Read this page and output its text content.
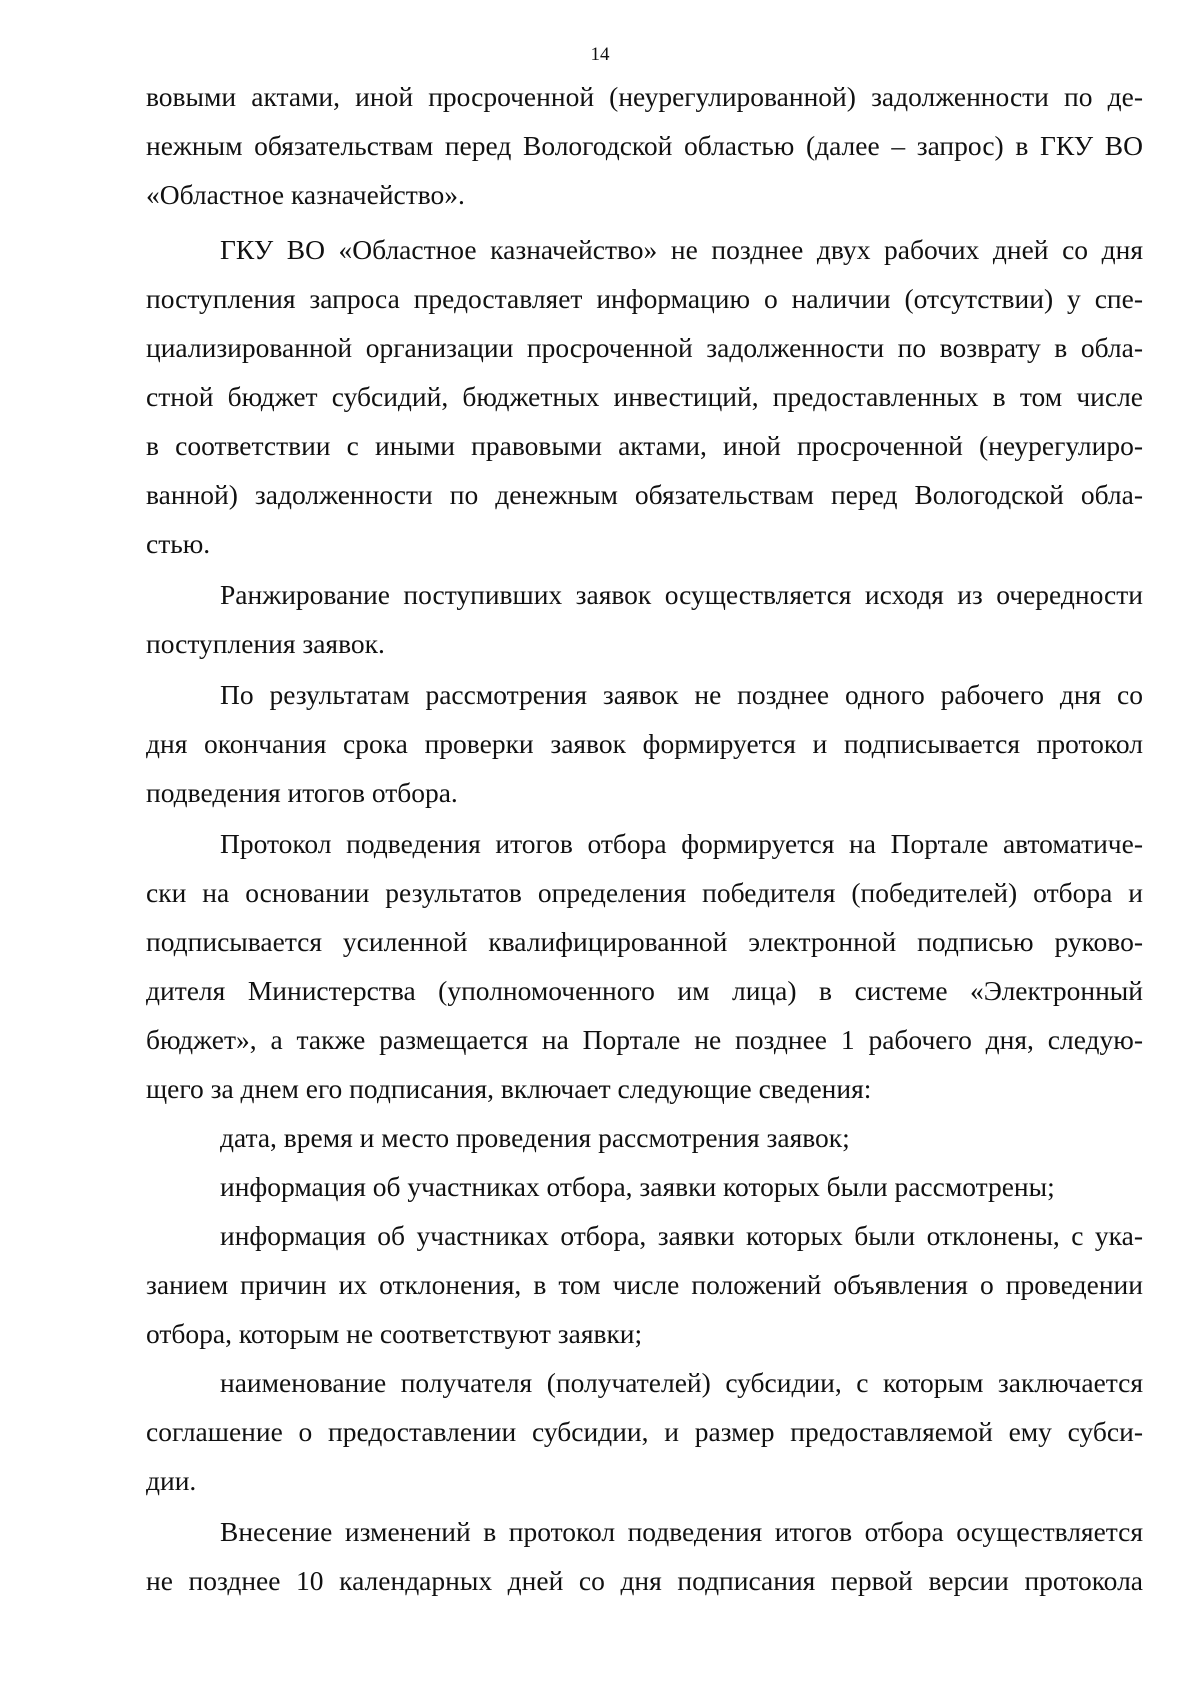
14
вовыми актами, иной просроченной (неурегулированной) задолженности по де-
нежным обязательствам перед Вологодской областью (далее – запрос) в ГКУ ВО
«Областное казначейство».
ГКУ ВО «Областное казначейство» не позднее двух рабочих дней со дня
поступления запроса предоставляет информацию о наличии (отсутствии) у спе-
циализированной организации просроченной задолженности по возврату в обла-
стной бюджет субсидий, бюджетных инвестиций, предоставленных в том числе
в соответствии с иными правовыми актами, иной просроченной (неурегулиро-
ванной) задолженности по денежным обязательствам перед Вологодской обла-
стью.
Ранжирование поступивших заявок осуществляется исходя из очередности
поступления заявок.
По результатам рассмотрения заявок не позднее одного рабочего дня со
дня окончания срока проверки заявок формируется и подписывается протокол
подведения итогов отбора.
Протокол подведения итогов отбора формируется на Портале автоматиче-
ски на основании результатов определения победителя (победителей) отбора и
подписывается усиленной квалифицированной электронной подписью руково-
дителя Министерства (уполномоченного им лица) в системе «Электронный
бюджет», а также размещается на Портале не позднее 1 рабочего дня, следую-
щего за днем его подписания, включает следующие сведения:
дата, время и место проведения рассмотрения заявок;
информация об участниках отбора, заявки которых были рассмотрены;
информация об участниках отбора, заявки которых были отклонены, с ука-
занием причин их отклонения, в том числе положений объявления о проведении
отбора, которым не соответствуют заявки;
наименование получателя (получателей) субсидии, с которым заключается
соглашение о предоставлении субсидии, и размер предоставляемой ему субси-
дии.
Внесение изменений в протокол подведения итогов отбора осуществляется
не позднее 10 календарных дней со дня подписания первой версии протокола
